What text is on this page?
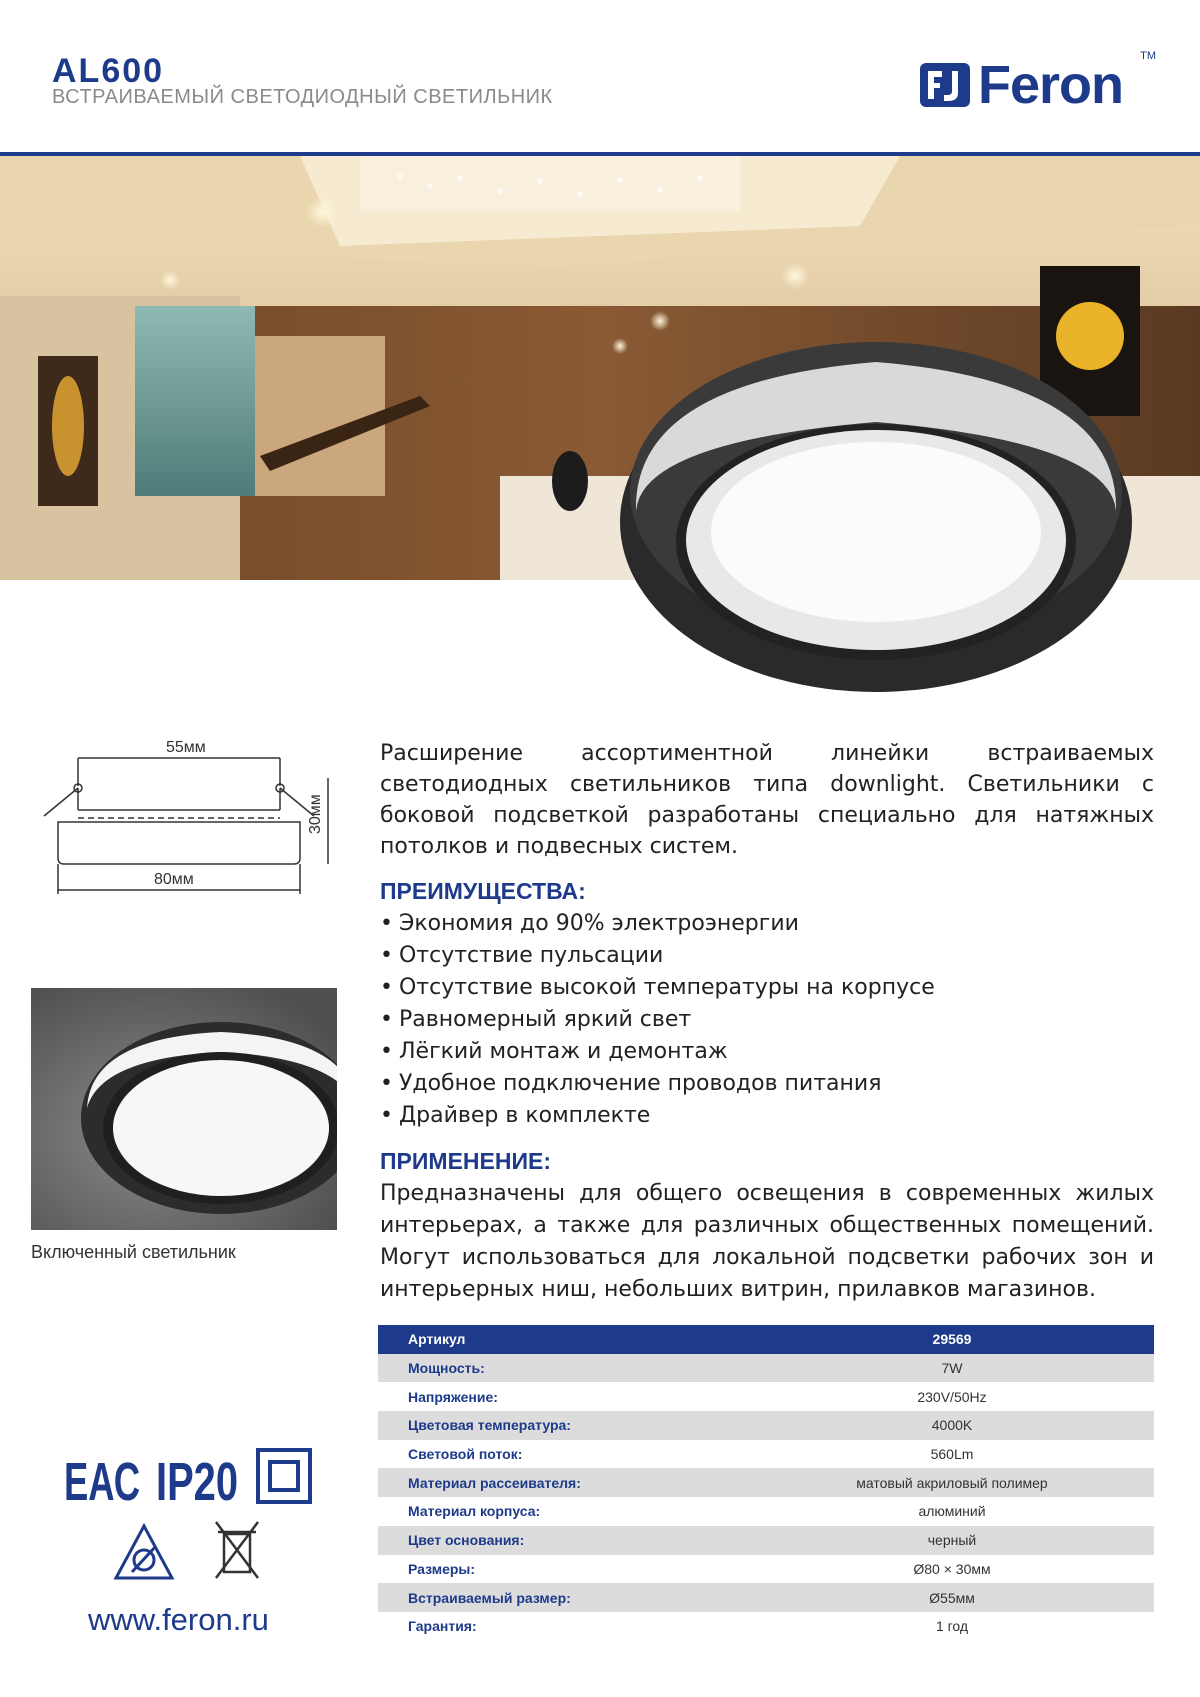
AL600
ВСТРАИВАЕМЫЙ СВЕТОДИОДНЫЙ СВЕТИЛЬНИК	Feron TM
55мм
30мм
80мм
Включенный светильник
ЕАС IP20
www.feron.ru
Расширение ассортиментной линейки встраиваемых светодиодных светильников типа downlight. Светильники с боковой подсветкой разработаны специально для натяжных потолков и подвесных систем.
ПРЕИМУЩЕСТВА:
• Экономия до 90% электроэнергии
• Отсутствие пульсации
• Отсутствие высокой температуры на корпусе
• Равномерный яркий свет
• Лёгкий монтаж и демонтаж
• Удобное подключение проводов питания
• Драйвер в комплекте
ПРИМЕНЕНИЕ:
Предназначены для общего освещения в современных жилых интерьерах, а также для различных общественных помещений. Могут использоваться для локальной подсветки рабочих зон и интерьерных ниш, небольших витрин, прилавков магазинов.
Артикул	29569
Мощность:	7W
Напряжение:	230V/50Hz
Цветовая температура:	4000K
Световой поток:	560Lm
Материал рассеивателя:	матовый акриловый полимер
Материал корпуса:	алюминий
Цвет основания:	черный
Размеры:	Ø80 × 30мм
Встраиваемый размер:	Ø55мм
Гарантия:	1 год
